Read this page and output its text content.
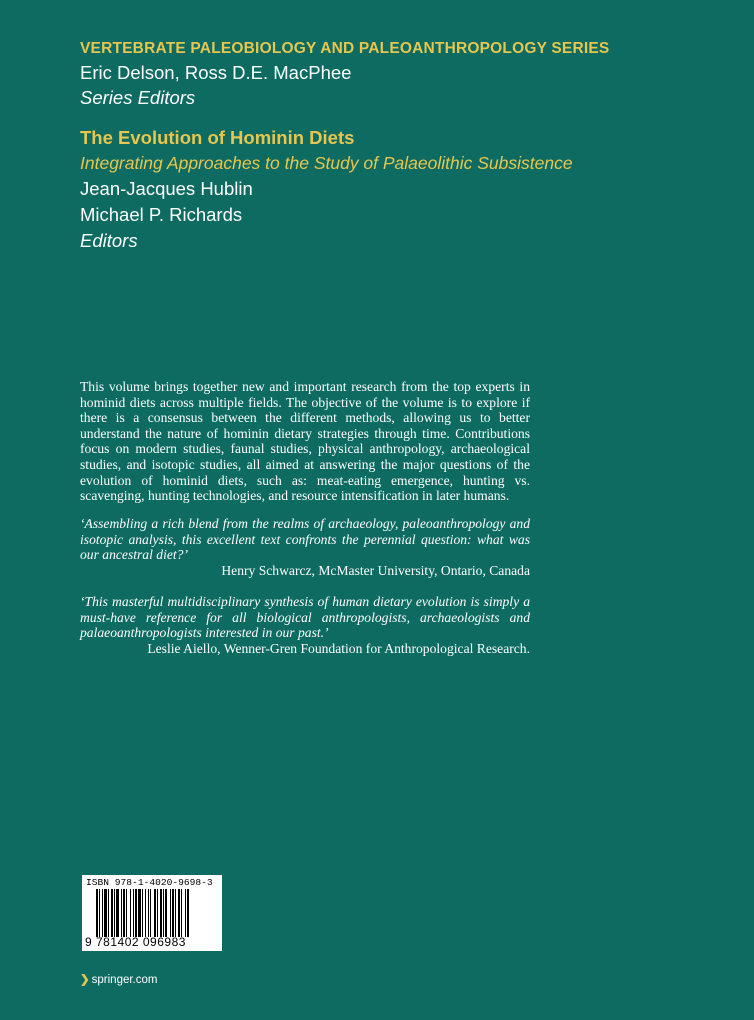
VERTEBRATE PALEOBIOLOGY AND PALEOANTHROPOLOGY SERIES
Eric Delson, Ross D.E. MacPhee
Series Editors
The Evolution of Hominin Diets
Integrating Approaches to the Study of Palaeolithic Subsistence
Jean-Jacques Hublin
Michael P. Richards
Editors
This volume brings together new and important research from the top experts in hominid diets across multiple fields. The objective of the volume is to explore if there is a consensus between the different methods, allowing us to better understand the nature of hominin dietary strategies through time. Contributions focus on modern studies, faunal studies, physical anthropology, archaeological studies, and isotopic studies, all aimed at answering the major questions of the evolution of hominid diets, such as: meat-eating emergence, hunting vs. scavenging, hunting technologies, and resource intensification in later humans.
‘Assembling a rich blend from the realms of archaeology, paleoanthropology and isotopic analysis, this excellent text confronts the perennial question: what was our ancestral diet?’
Henry Schwarcz, McMaster University, Ontario, Canada
‘This masterful multidisciplinary synthesis of human dietary evolution is simply a must-have reference for all biological anthropologists, archaeologists and palaeoanthropologists interested in our past.’
Leslie Aiello, Wenner-Gren Foundation for Anthropological Research.
ISBN 978-1-4020-9698-3
9 781402 096983
❯ springer.com
